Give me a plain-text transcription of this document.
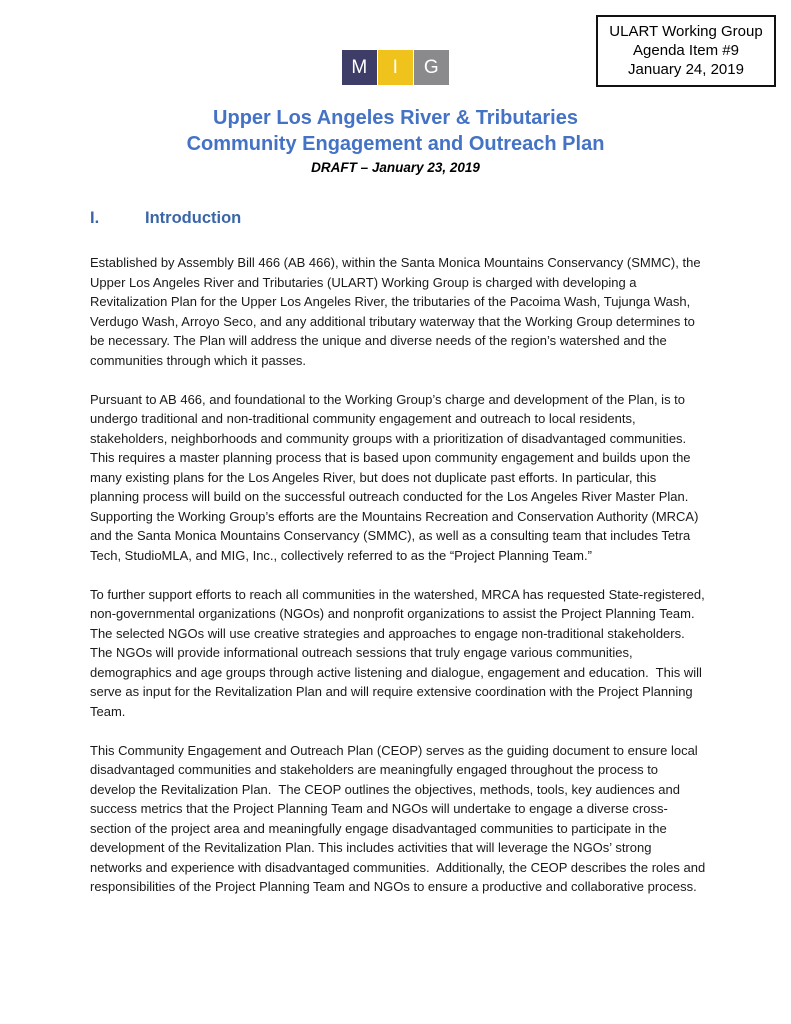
ULART Working Group
Agenda Item #9
January 24, 2019
M I G
Upper Los Angeles River & Tributaries
Community Engagement and Outreach Plan
DRAFT – January 23, 2019
I.	Introduction

Established by Assembly Bill 466 (AB 466), within the Santa Monica Mountains Conservancy (SMMC), the Upper Los Angeles River and Tributaries (ULART) Working Group is charged with developing a Revitalization Plan for the Upper Los Angeles River, the tributaries of the Pacoima Wash, Tujunga Wash, Verdugo Wash, Arroyo Seco, and any additional tributary waterway that the Working Group determines to be necessary. The Plan will address the unique and diverse needs of the region’s watershed and the communities through which it passes.

Pursuant to AB 466, and foundational to the Working Group’s charge and development of the Plan, is to undergo traditional and non-traditional community engagement and outreach to local residents, stakeholders, neighborhoods and community groups with a prioritization of disadvantaged communities.  This requires a master planning process that is based upon community engagement and builds upon the many existing plans for the Los Angeles River, but does not duplicate past efforts. In particular, this planning process will build on the successful outreach conducted for the Los Angeles River Master Plan. Supporting the Working Group’s efforts are the Mountains Recreation and Conservation Authority (MRCA) and the Santa Monica Mountains Conservancy (SMMC), as well as a consulting team that includes Tetra Tech, StudioMLA, and MIG, Inc., collectively referred to as the “Project Planning Team.”

To further support efforts to reach all communities in the watershed, MRCA has requested State-registered, non-governmental organizations (NGOs) and nonprofit organizations to assist the Project Planning Team. The selected NGOs will use creative strategies and approaches to engage non-traditional stakeholders.  The NGOs will provide informational outreach sessions that truly engage various communities, demographics and age groups through active listening and dialogue, engagement and education.  This will serve as input for the Revitalization Plan and will require extensive coordination with the Project Planning Team.

This Community Engagement and Outreach Plan (CEOP) serves as the guiding document to ensure local disadvantaged communities and stakeholders are meaningfully engaged throughout the process to develop the Revitalization Plan.  The CEOP outlines the objectives, methods, tools, key audiences and success metrics that the Project Planning Team and NGOs will undertake to engage a diverse cross-section of the project area and meaningfully engage disadvantaged communities to participate in the development of the Revitalization Plan. This includes activities that will leverage the NGOs’ strong networks and experience with disadvantaged communities.  Additionally, the CEOP describes the roles and responsibilities of the Project Planning Team and NGOs to ensure a productive and collaborative process.
